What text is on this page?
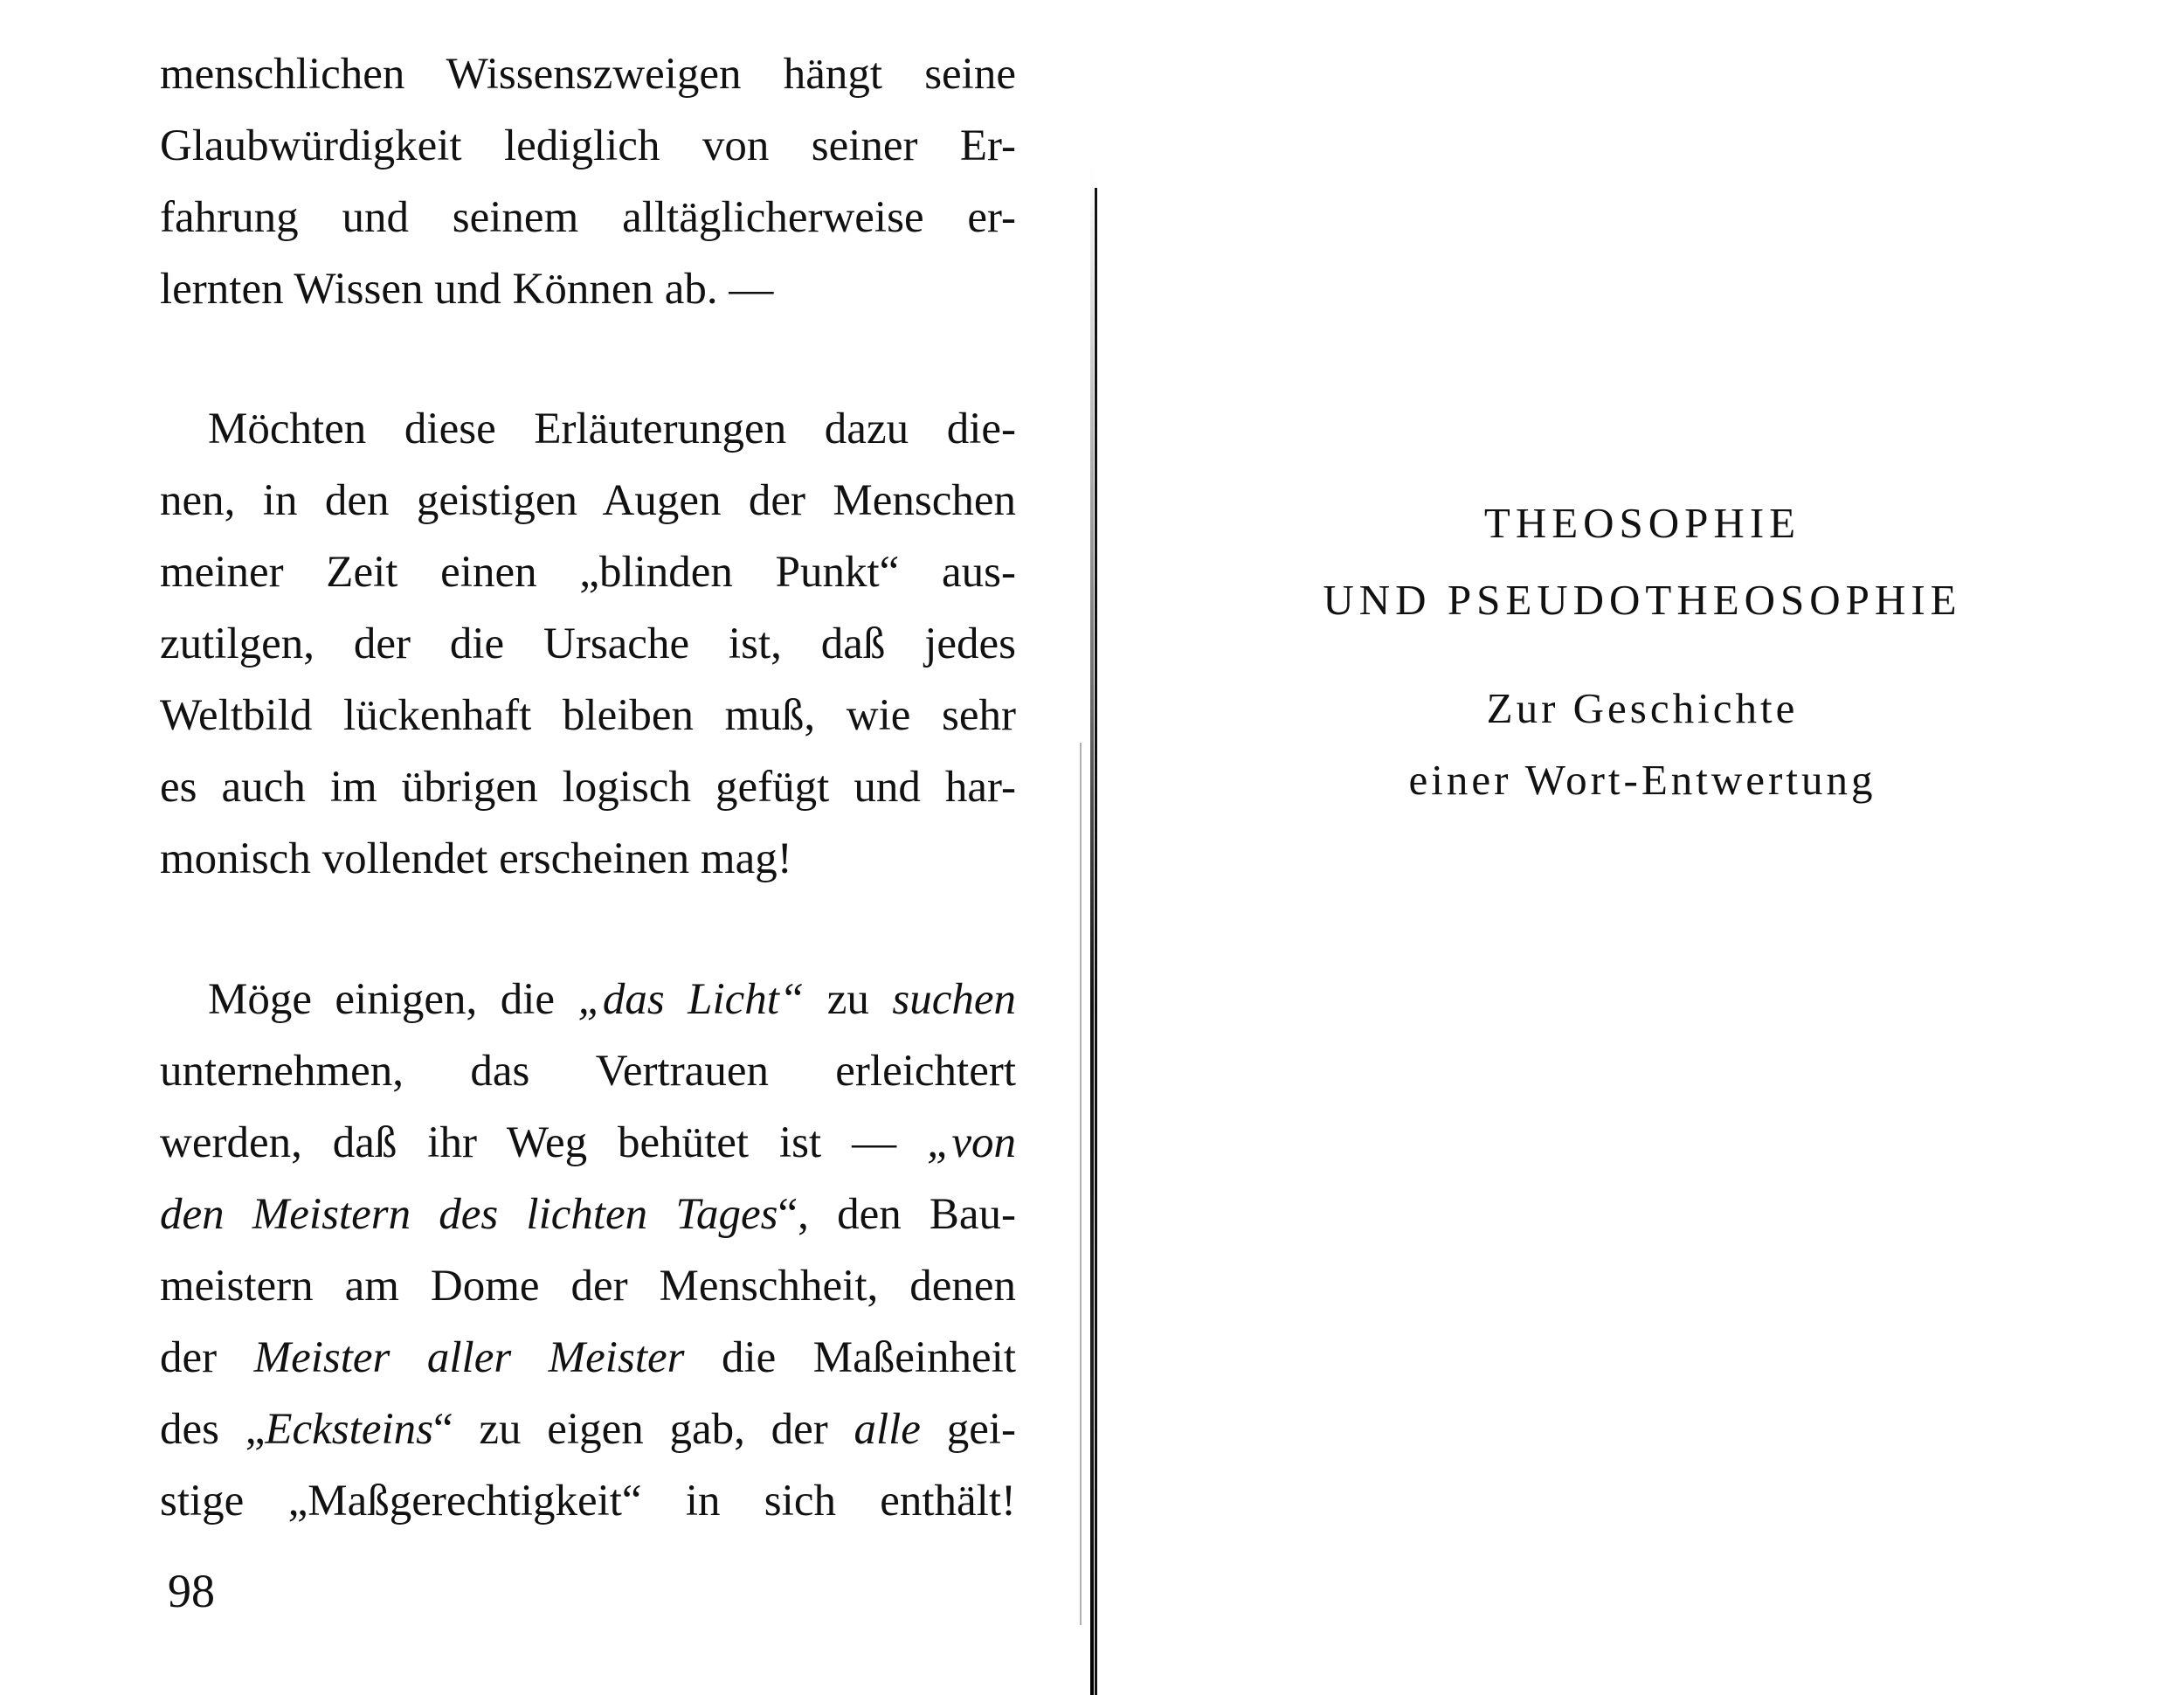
menschlichen Wissenszweigen hängt seine
Glaubwürdigkeit lediglich von seiner Er-
fahrung und seinem alltäglicherweise er-
lernten Wissen und Können ab. —
Möchten diese Erläuterungen dazu die-
nen, in den geistigen Augen der Menschen
meiner Zeit einen „blinden Punkt“ aus-
zutilgen, der die Ursache ist, daß jedes
Weltbild lückenhaft bleiben muß, wie sehr
es auch im übrigen logisch gefügt und har-
monisch vollendet erscheinen mag!
Möge einigen, die „das Licht“ zu suchen
unternehmen, das Vertrauen erleichtert
werden, daß ihr Weg behütet ist — „von
den Meistern des lichten Tages“, den Bau-
meistern am Dome der Menschheit, denen
der Meister aller Meister die Maßeinheit
des „Ecksteins“ zu eigen gab, der alle gei-
stige „Maßgerechtigkeit“ in sich enthält!
98
THEOSOPHIE
UND PSEUDOTHEOSOPHIE
Zur Geschichte
einer Wort-Entwertung
